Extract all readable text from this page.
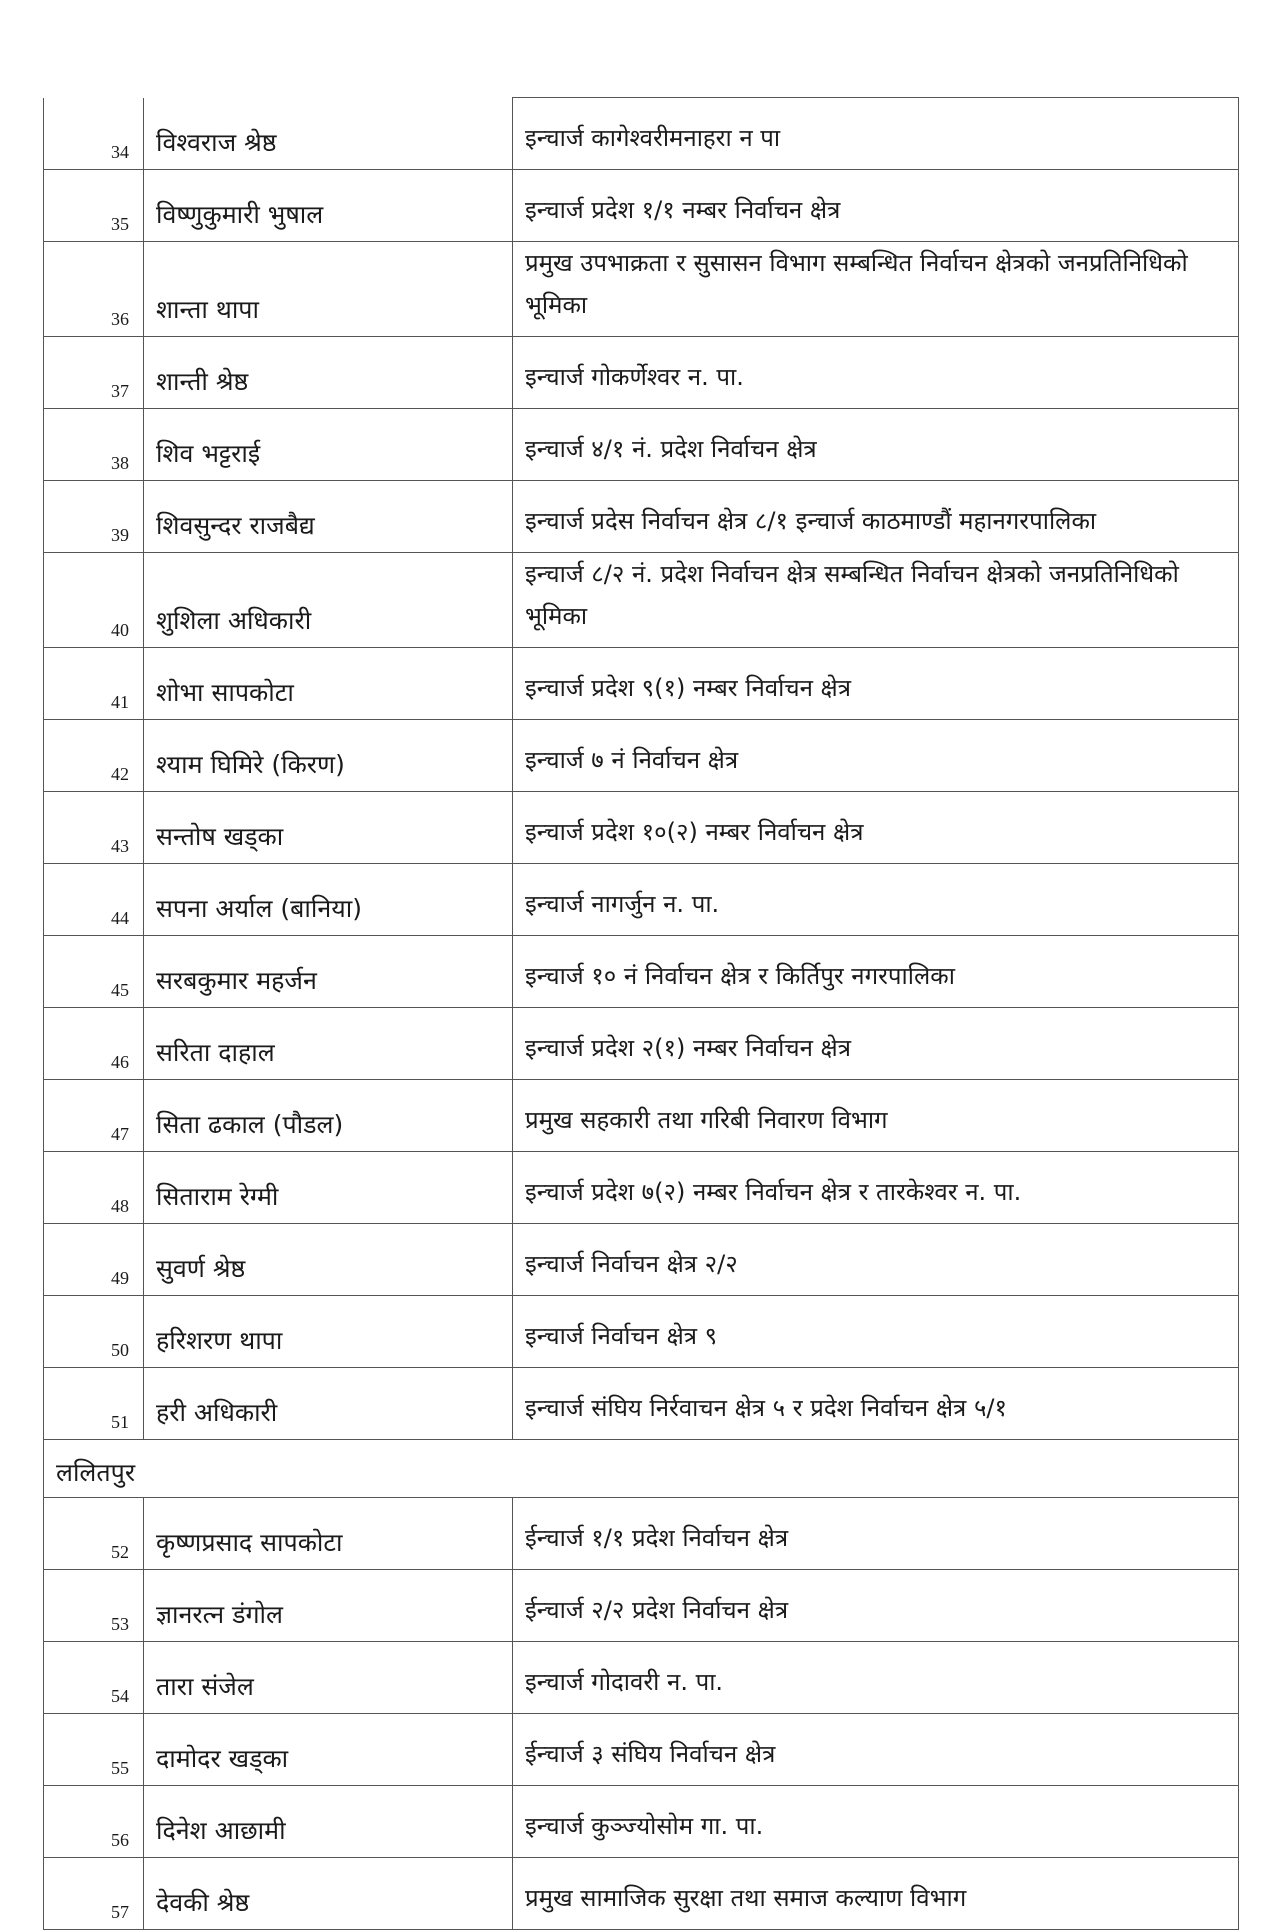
34	विश्वराज श्रेष्ठ	इन्चार्ज कागेश्वरीमनाहरा न पा
35	विष्णुकुमारी भुषाल	इन्चार्ज प्रदेश १/१ नम्बर निर्वाचन क्षेत्र
36	शान्ता थापा	प्रमुख उपभाक्रता र सुसासन विभाग सम्बन्धित निर्वाचन क्षेत्रको जनप्रतिनिधिको भूमिका
37	शान्ती श्रेष्ठ	इन्चार्ज गोकर्णेश्वर न. पा.
38	शिव भट्टराई	इन्चार्ज ४/१ नं. प्रदेश निर्वाचन क्षेत्र
39	शिवसुन्दर राजबैद्य	इन्चार्ज प्रदेस निर्वाचन क्षेत्र ८/१ इन्चार्ज काठमाण्डौं महानगरपालिका
40	शुशिला अधिकारी	इन्चार्ज ८/२ नं. प्रदेश निर्वाचन क्षेत्र सम्बन्धित निर्वाचन क्षेत्रको जनप्रतिनिधिको भूमिका
41	शोभा सापकोटा	इन्चार्ज प्रदेश ९(१) नम्बर निर्वाचन क्षेत्र
42	श्याम घिमिरे (किरण)	इन्चार्ज ७ नं निर्वाचन क्षेत्र
43	सन्तोष खड्का	इन्चार्ज प्रदेश १०(२) नम्बर निर्वाचन क्षेत्र
44	सपना अर्याल (बानिया)	इन्चार्ज नागर्जुन न. पा.
45	सरबकुमार महर्जन	इन्चार्ज १० नं निर्वाचन क्षेत्र र किर्तिपुर नगरपालिका
46	सरिता दाहाल	इन्चार्ज प्रदेश २(१) नम्बर निर्वाचन क्षेत्र
47	सिता ढकाल (पौडल)	प्रमुख सहकारी तथा गरिबी निवारण विभाग
48	सिताराम रेग्मी	इन्चार्ज प्रदेश ७(२) नम्बर निर्वाचन क्षेत्र र तारकेश्वर न. पा.
49	सुवर्ण श्रेष्ठ	इन्चार्ज निर्वाचन क्षेत्र २/२
50	हरिशरण थापा	इन्चार्ज निर्वाचन क्षेत्र ९
51	हरी अधिकारी	इन्चार्ज संघिय निर्रवाचन क्षेत्र ५ र प्रदेश निर्वाचन क्षेत्र ५/१
ललितपुर		
52	कृष्णप्रसाद सापकोटा	ईन्चार्ज १/१ प्रदेश निर्वाचन क्षेत्र
53	ज्ञानरत्न डंगोल	ईन्चार्ज २/२ प्रदेश निर्वाचन क्षेत्र
54	तारा संजेल	इन्चार्ज गोदावरी न. पा.
55	दामोदर खड्का	ईन्चार्ज ३ संघिय निर्वाचन क्षेत्र
56	दिनेश आछामी	इन्चार्ज कुञ्ज्योसोम गा. पा.
57	देवकी श्रेष्ठ	प्रमुख सामाजिक सुरक्षा तथा समाज कल्याण विभाग
